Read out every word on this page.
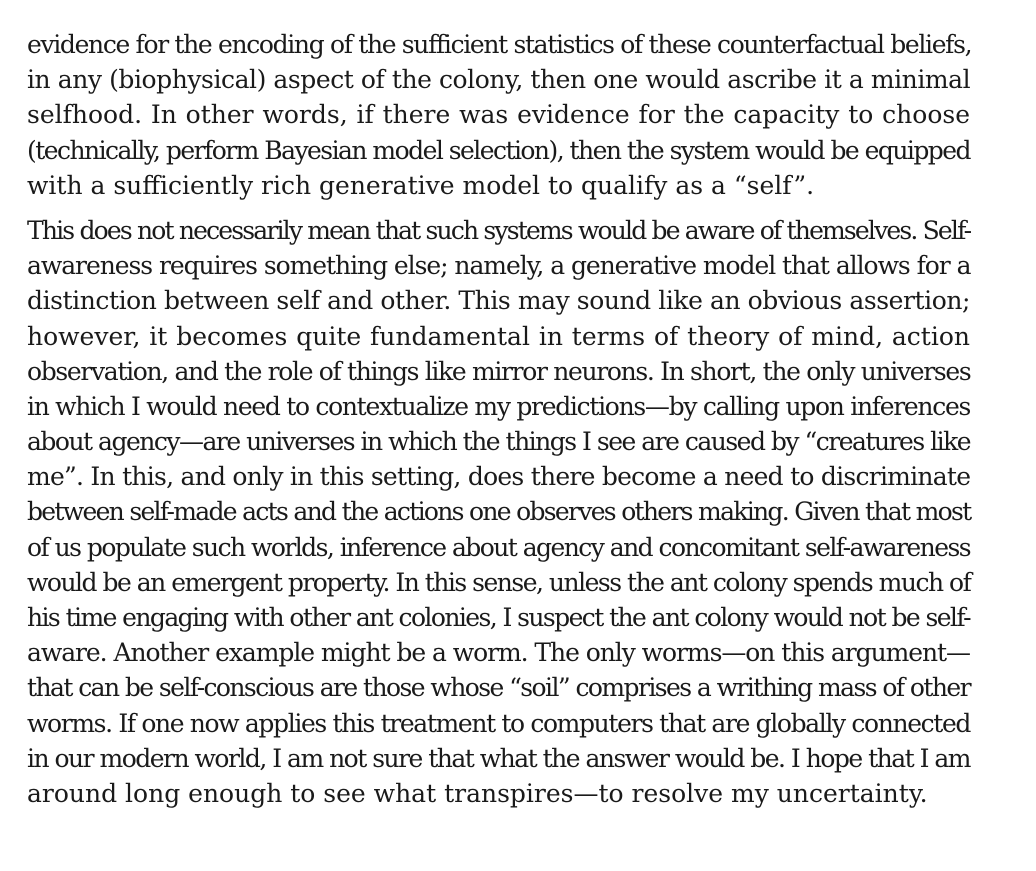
evidence for the encoding of the sufficient statistics of these counterfactual beliefs,
in any (biophysical) aspect of the colony, then one would ascribe it a minimal
selfhood. In other words, if there was evidence for the capacity to choose
(technically, perform Bayesian model selection), then the system would be equipped
with a sufficiently rich generative model to qualify as a “self”.
This does not necessarily mean that such systems would be aware of themselves. Self-
awareness requires something else; namely, a generative model that allows for a
distinction between self and other. This may sound like an obvious assertion;
however, it becomes quite fundamental in terms of theory of mind, action
observation, and the role of things like mirror neurons. In short, the only universes
in which I would need to contextualize my predictions—by calling upon inferences
about agency—are universes in which the things I see are caused by “creatures like
me”. In this, and only in this setting, does there become a need to discriminate
between self-made acts and the actions one observes others making. Given that most
of us populate such worlds, inference about agency and concomitant self-awareness
would be an emergent property. In this sense, unless the ant colony spends much of
his time engaging with other ant colonies, I suspect the ant colony would not be self-
aware. Another example might be a worm. The only worms—on this argument—
that can be self-conscious are those whose “soil” comprises a writhing mass of other
worms. If one now applies this treatment to computers that are globally connected
in our modern world, I am not sure that what the answer would be. I hope that I am
around long enough to see what transpires—to resolve my uncertainty.
